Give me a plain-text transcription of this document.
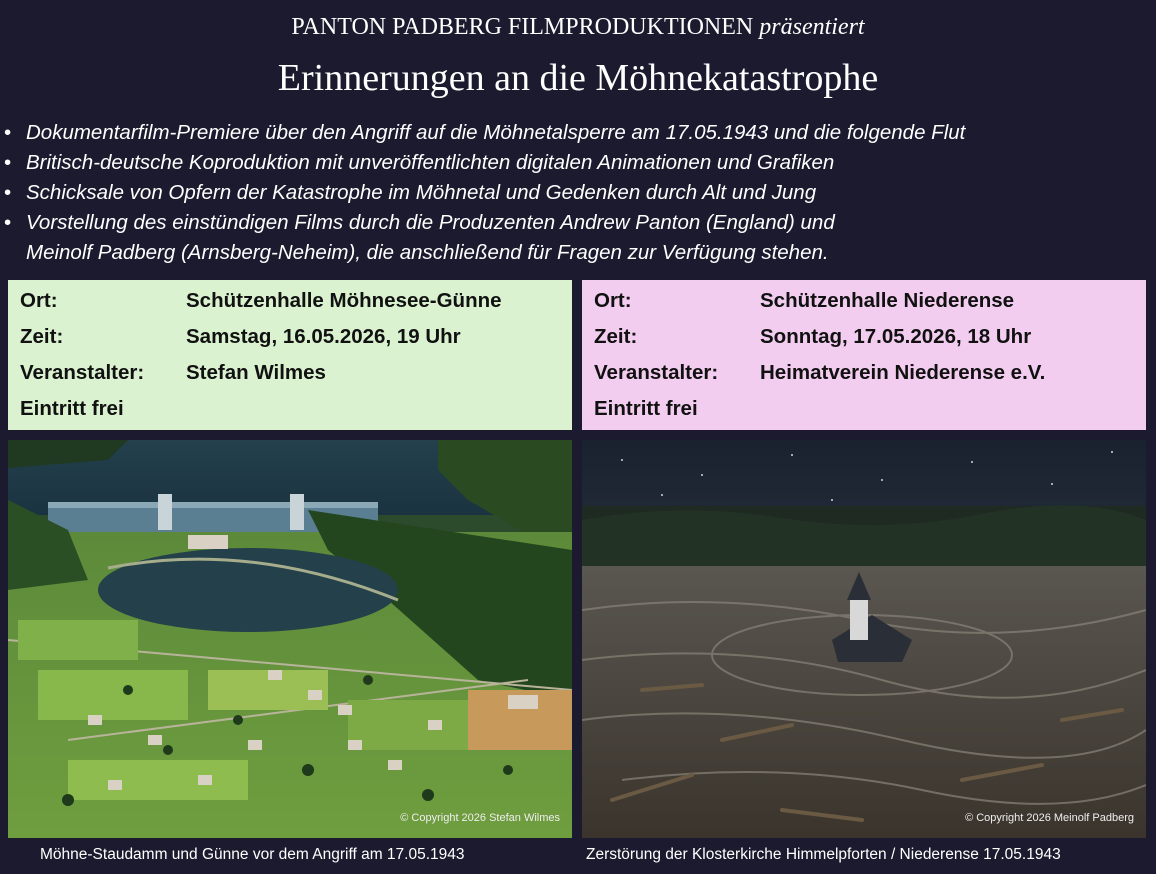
PANTON PADBERG FILMPRODUKTIONEN präsentiert
Erinnerungen an die Möhnekatastrophe
• Dokumentarfilm-Premiere über den Angriff auf die Möhnetalsperre am 17.05.1943 und die folgende Flut
• Britisch-deutsche Koproduktion mit unveröffentlichten digitalen Animationen und Grafiken
• Schicksale von Opfern der Katastrophe im Möhnetal und Gedenken durch Alt und Jung
• Vorstellung des einstündigen Films durch die Produzenten Andrew Panton (England) und
Meinolf Padberg (Arnsberg-Neheim), die anschließend für Fragen zur Verfügung stehen.
Ort:	Schützenhalle Möhnesee-Günne
Zeit:	Samstag, 16.05.2026, 19 Uhr
Veranstalter: Stefan Wilmes
Eintritt frei
Ort:	Schützenhalle Niederense
Zeit:	Sonntag, 17.05.2026, 18 Uhr
Veranstalter: Heimatverein Niederense e.V.
Eintritt frei
© Copyright 2026 Stefan Wilmes	© Copyright 2026 Meinolf Padberg
Möhne-Staudamm und Günne vor dem Angriff am 17.05.1943	Zerstörung der Klosterkirche Himmelpforten / Niederense 17.05.1943
